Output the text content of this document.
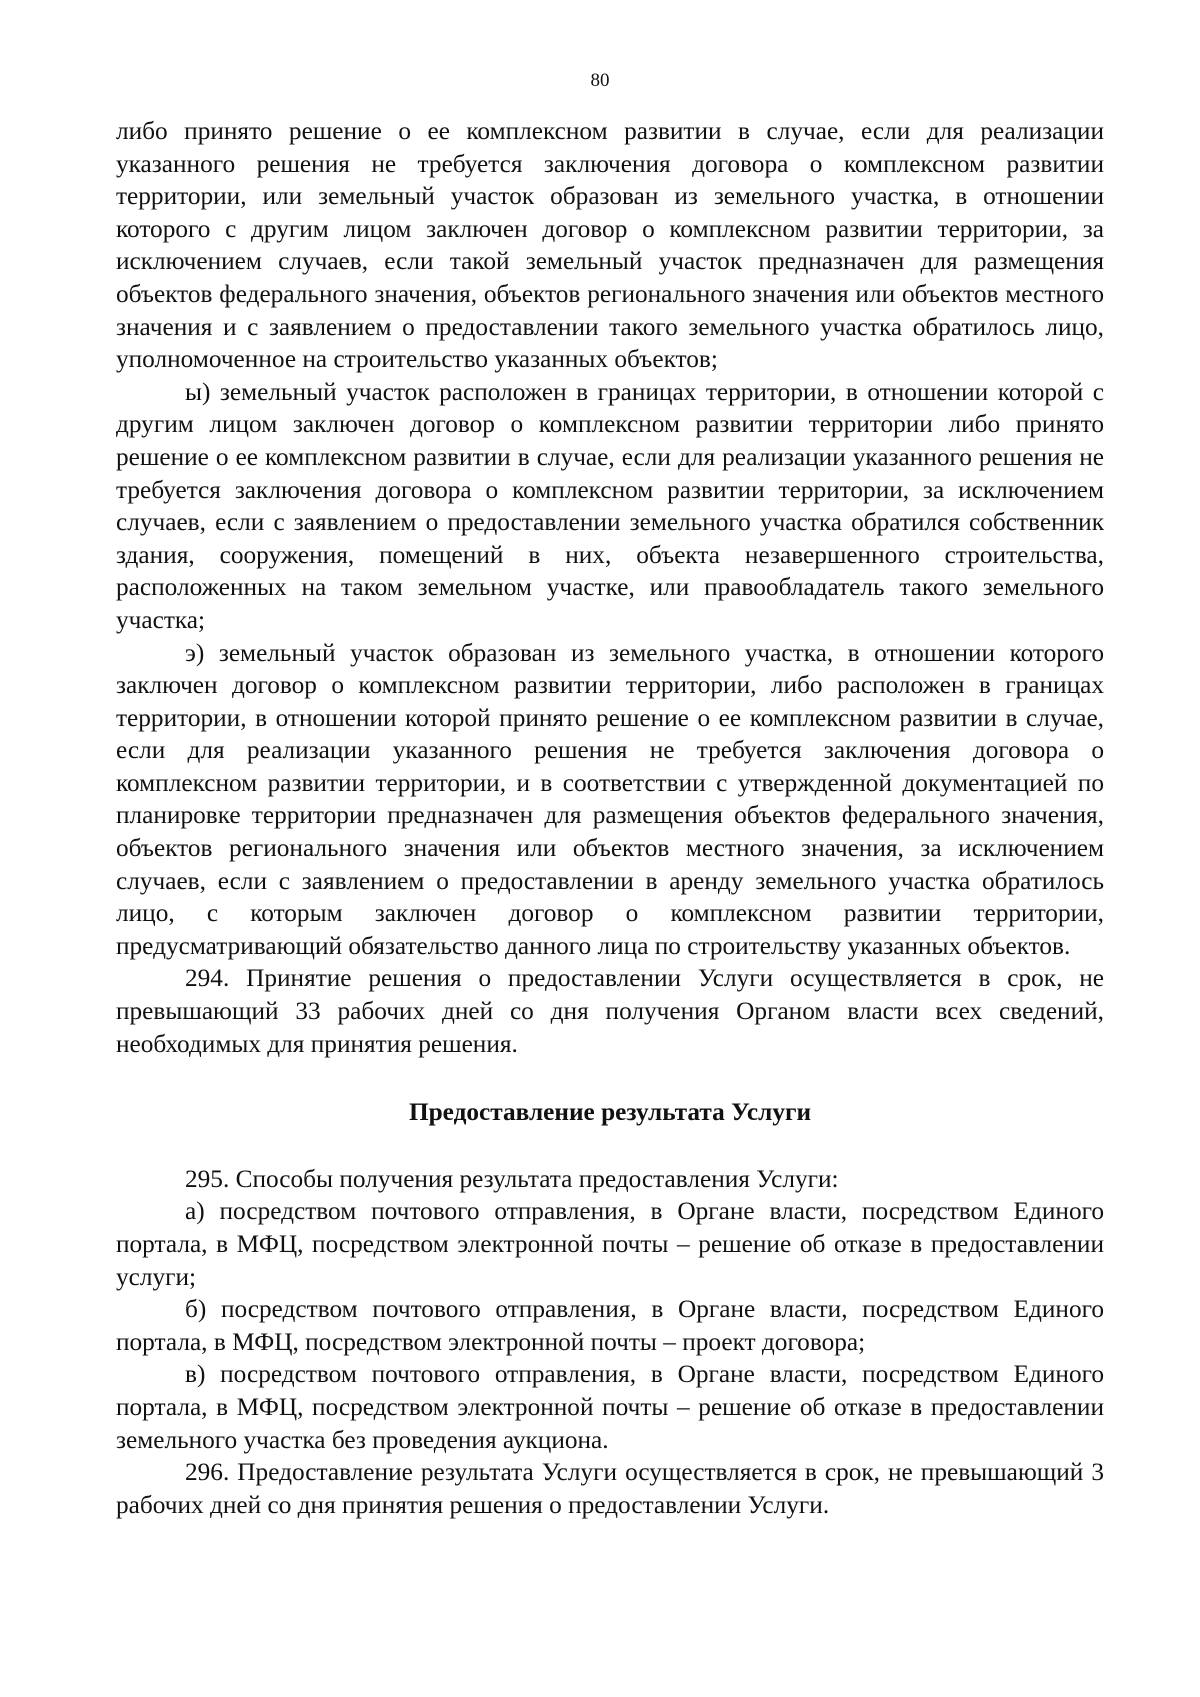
80

либо принято решение о ее комплексном развитии в случае, если для реализации указанного решения не требуется заключения договора о комплексном развитии территории, или земельный участок образован из земельного участка, в отношении которого с другим лицом заключен договор о комплексном развитии территории, за исключением случаев, если такой земельный участок предназначен для размещения объектов федерального значения, объектов регионального значения или объектов местного значения и с заявлением о предоставлении такого земельного участка обратилось лицо, уполномоченное на строительство указанных объектов;

ы) земельный участок расположен в границах территории, в отношении которой с другим лицом заключен договор о комплексном развитии территории либо принято решение о ее комплексном развитии в случае, если для реализации указанного решения не требуется заключения договора о комплексном развитии территории, за исключением случаев, если с заявлением о предоставлении земельного участка обратился собственник здания, сооружения, помещений в них, объекта незавершенного строительства, расположенных на таком земельном участке, или правообладатель такого земельного участка;

э) земельный участок образован из земельного участка, в отношении которого заключен договор о комплексном развитии территории, либо расположен в границах территории, в отношении которой принято решение о ее комплексном развитии в случае, если для реализации указанного решения не требуется заключения договора о комплексном развитии территории, и в соответствии с утвержденной документацией по планировке территории предназначен для размещения объектов федерального значения, объектов регионального значения или объектов местного значения, за исключением случаев, если с заявлением о предоставлении в аренду земельного участка обратилось лицо, с которым заключен договор о комплексном развитии территории, предусматривающий обязательство данного лица по строительству указанных объектов.

294. Принятие решения о предоставлении Услуги осуществляется в срок, не превышающий 33 рабочих дней со дня получения Органом власти всех сведений, необходимых для принятия решения.

Предоставление результата Услуги

295. Способы получения результата предоставления Услуги:

а) посредством почтового отправления, в Органе власти, посредством Единого портала, в МФЦ, посредством электронной почты – решение об отказе в предоставлении услуги;

б) посредством почтового отправления, в Органе власти, посредством Единого портала, в МФЦ, посредством электронной почты – проект договора;

в) посредством почтового отправления, в Органе власти, посредством Единого портала, в МФЦ, посредством электронной почты – решение об отказе в предоставлении земельного участка без проведения аукциона.

296. Предоставление результата Услуги осуществляется в срок, не превышающий 3 рабочих дней со дня принятия решения о предоставлении Услуги.
